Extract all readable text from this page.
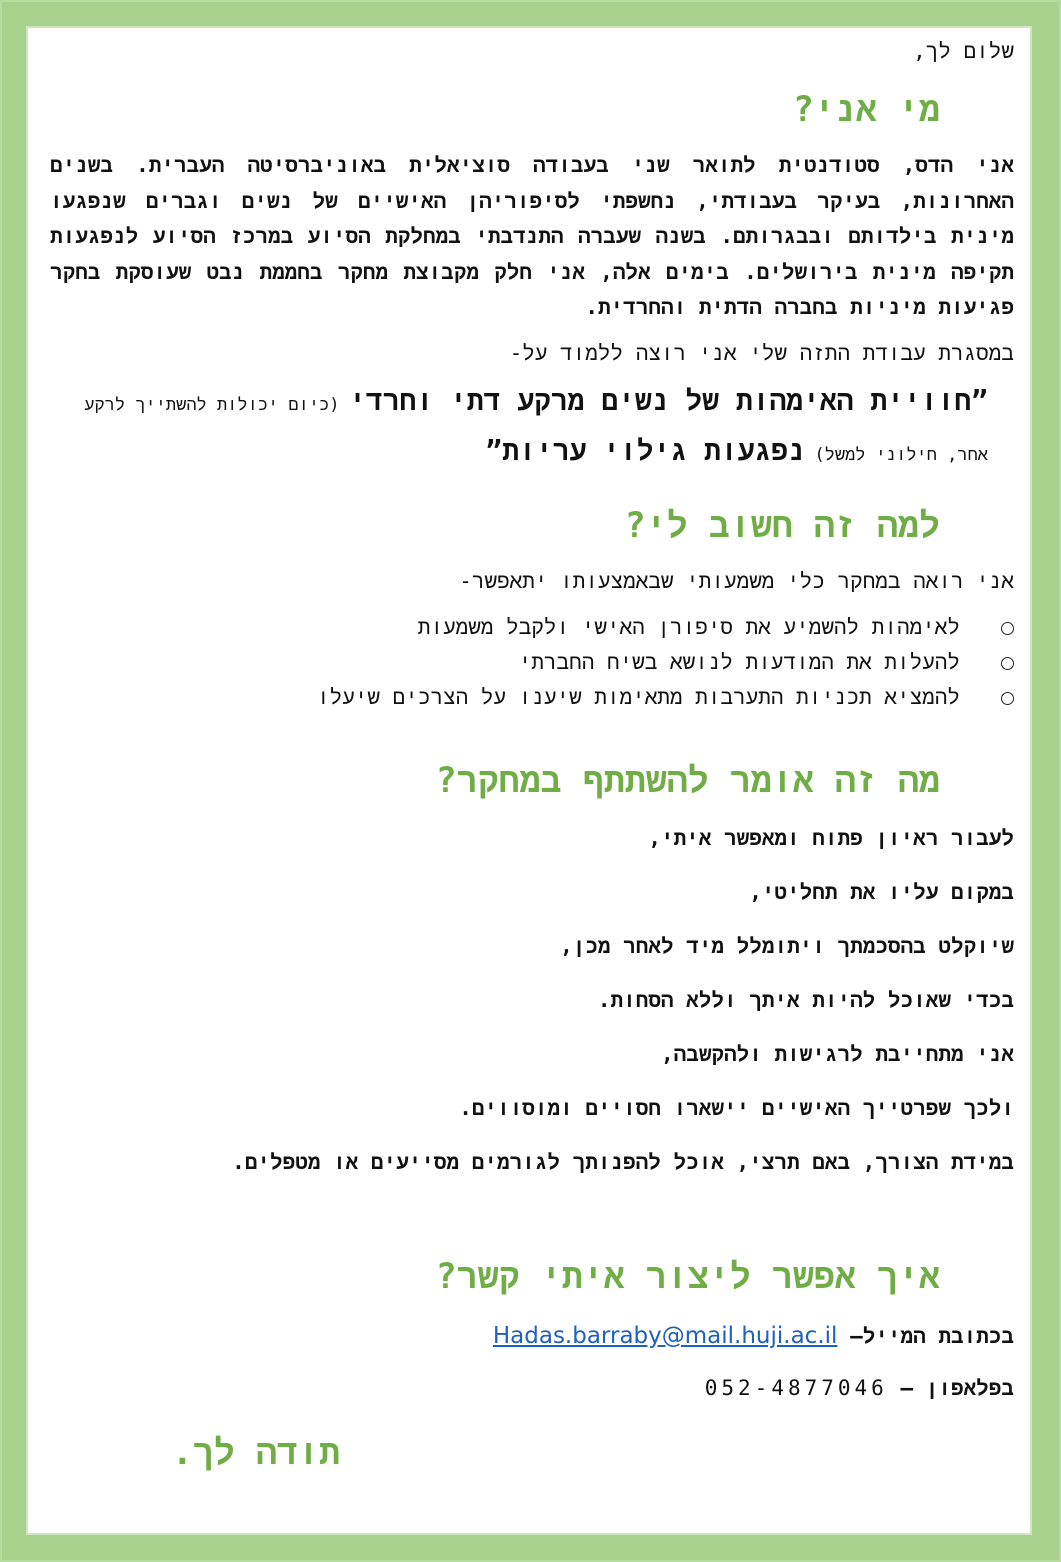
שלום לך,

מי אני?

אני הדס, סטודנטית לתואר שני בעבודה סוציאלית באוניברסיטה העברית. בשנים האחרונות, בעיקר בעבודתי, נחשפתי לסיפוריהן האישיים של נשים וגברים שנפגעו מינית בילדותם ובבגרותם. בשנה שעברה התנדבתי במחלקת הסיוע במרכז הסיוע לנפגעות תקיפה מינית בירושלים. בימים אלה, אני חלק מקבוצת מחקר בחממת נבט שעוסקת בחקר פגיעות מיניות בחברה הדתית והחרדית.

במסגרת עבודת התזה שלי אני רוצה ללמוד על-

”חוויית האימהות של נשים מרקע דתי וחרדי (כיום יכולות להשתייך לרקע אחר, חילוני למשל) נפגעות גילוי עריות”
למה זה חשוב לי?

אני רואה במחקר כלי משמעותי שבאמצעותו יתאפשר-

לאימהות להשמיע את סיפורן האישי ולקבל משמעות
להעלות את המודעות לנושא בשיח החברתי
להמציא תכניות התערבות מתאימות שיענו על הצרכים שיעלו
מה זה אומר להשתתף במחקר?

לעבור ראיון פתוח ומאפשר איתי,

במקום עליו את תחליטי,

שיוקלט בהסכמתך ויתומלל מיד לאחר מכן,

בכדי שאוכל להיות איתך וללא הסחות.

אני מתחייבת לרגישות ולהקשבה,

ולכך שפרטייך האישיים יישארו חסויים ומוסווים.

במידת הצורך, באם תרצי, אוכל להפנותך לגורמים מסייעים או מטפלים.

איך אפשר ליצור איתי קשר?

בכתובת המייל– Hadas.barraby@mail.huji.ac.il

בפלאפון – 052-4877046

תודה לך.
